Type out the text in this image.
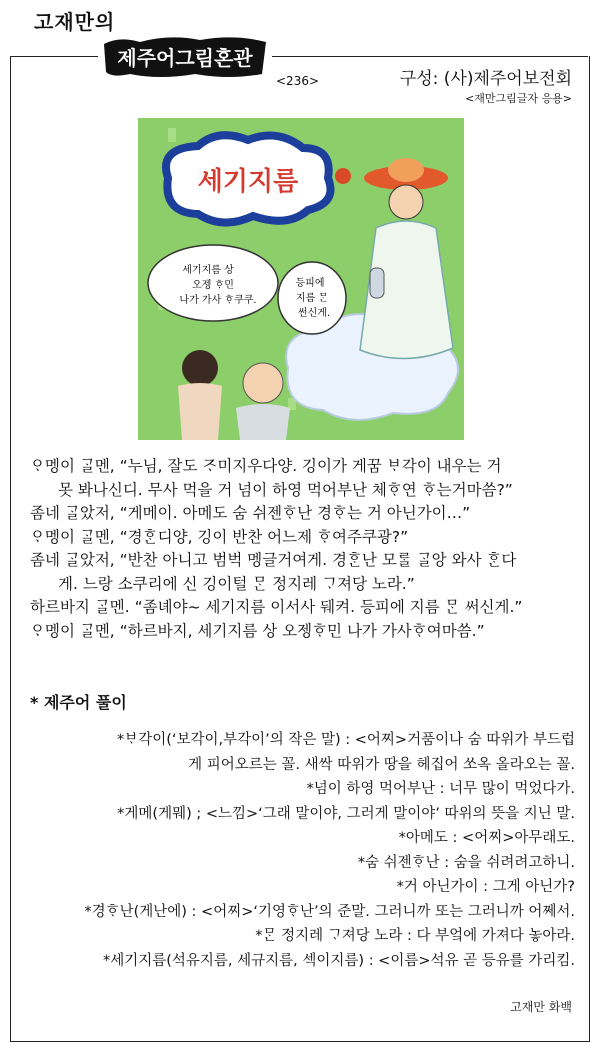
고재만의
제주어그림혼관
<236>	구성: (사)제주어보전회
<재만그림글자 응용>
세기지름
세기지름 상
오젱 ᄒᆞ민
나가 가사 ᄒᆞ쿠쿠.
등피에
지름 ᄆᆞᆫ
썬신게.

ᄋᆞ멩이 ᄀᆞᆯ멘, “누님, 잘도 ᄌᆞ미지우다양. 깅이가 게꿈 ᄇᆞ각이 내우는 거

못 봐나신디. 무사 먹을 거 넘이 하영 먹어부난 체ᄒᆞ연 ᄒᆞ는거마씀?”

좀네 ᄀᆞᆯ았저, “게메이. 아메도 숨 쉬젠ᄒᆞ난 경ᄒᆞ는 거 아닌가이…”

ᄋᆞ멩이 ᄀᆞᆯ멘, “경ᄒᆞᆫ디양, 깅이 반찬 어느제 ᄒᆞ여주쿠광?”

좀네 ᄀᆞᆯ았저, “반찬 아니고 범벅 멩글거여게. 경ᄒᆞᆫ난 모ᄅᆞᆯ ᄀᆞᆯ앙 와사 ᄒᆞᆫ다

게. 느랑 소쿠리에 신 깅이털 ᄆᆞᆫ 정지레 ᄀᆞ져당 노라.”

하르바지 ᄀᆞᆯ멘. “좀녜야~ 세기지름 이서사 뒈켜. 등피에 지름 ᄆᆞᆫ 써신게.”

ᄋᆞ멩이 ᄀᆞᆯ멘, “하르바지, 세기지름 상 오젱ᄒᆞ민 나가 가사ᄒᆞ여마씀.”

* 제주어 풀이

*ᄇᆞ각이(‘보각이,부각이’의 작은 말) : <어찌>거품이나 숨 따위가 부드럽

게 피어오르는 꼴. 새싹 따위가 땅을 헤집어 쏘옥 올라오는 꼴.

*넘이 하영 먹어부난 : 너무 많이 먹었다가.

*게메(게뭬) ; <느낌>‘그래 말이야, 그러게 말이야’ 따위의 뜻을 지닌 말.

*아메도 : <어찌>아무래도.

*숨 쉬젠ᄒᆞ난 : 숨을 쉬려려고하니.

*거 아닌가이 : 그게 아닌가?

*경ᄒᆞ난(게난에) : <어찌>‘기영ᄒᆞ난’의 준말. 그러니까 또는 그러니까 어쩨서.

*ᄆᆞᆫ 정지레 ᄀᆞ져당 노라 : 다 부엌에 가져다 놓아라.

*세기지름(석유지름, 세규지름, 섹이지름) : <이름>석유 곧 등유를 가리킴.

고재만 화백
